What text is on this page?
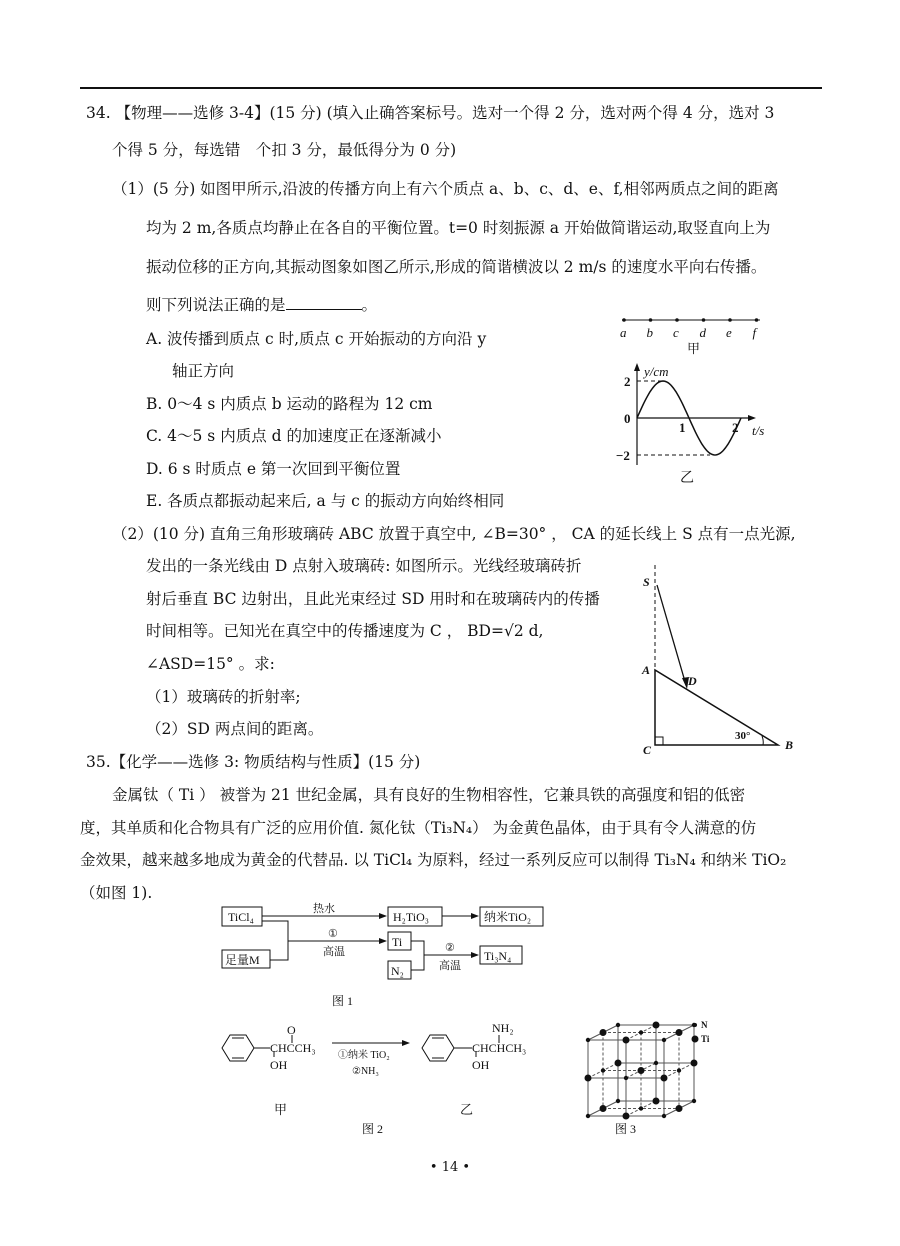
34. 【物理——选修 3-4】(15 分) (填入止确答案标号。选对一个得 2 分，选对两个得 4 分，选对 3
个得 5 分，每选错　个扣 3 分，最低得分为 0 分)
（1）(5 分) 如图甲所示,沿波的传播方向上有六个质点 a、b、c、d、e、f,相邻两质点之间的距离
均为 2 m,各质点均静止在各自的平衡位置。t=0 时刻振源 a 开始做简谐运动,取竖直向上为
振动位移的正方向,其振动图象如图乙所示,形成的简谐横波以 2 m/s 的速度水平向右传播。
则下列说法正确的是	。
A. 波传播到质点 c 时,质点 c 开始振动的方向沿 y
轴正方向
B. 0～4 s 内质点 b 运动的路程为 12 cm
C. 4～5 s 内质点 d 的加速度正在逐渐减小
D. 6 s 时质点 e 第一次回到平衡位置
E. 各质点都振动起来后, a 与 c 的振动方向始终相同
a b c d e f
甲
y/cm
t/s
2
0
−2
1	2
乙
（2）(10 分) 直角三角形玻璃砖 ABC 放置于真空中, ∠B=30° ， CA 的延长线上 S 点有一点光源,
发出的一条光线由 D 点射入玻璃砖: 如图所示。光线经玻璃砖折
射后垂直 BC 边射出，且此光束经过 SD 用时和在玻璃砖内的传播
时间相等。已知光在真空中的传播速度为 C ， BD=√2 d,
∠ASD=15° 。求:
（1）玻璃砖的折射率;
（2）SD 两点间的距离。
S
A
D
C	B
30°
35.【化学——选修 3: 物质结构与性质】(15 分)
金属钛（ Ti ） 被誉为 21 世纪金属，具有良好的生物相容性，它兼具铁的高强度和铝的低密
度，其单质和化合物具有广泛的应用价值. 氮化钛（Ti₃N₄） 为金黄色晶体，由于具有令人满意的仿
金效果，越来越多地成为黄金的代替品. 以 TiCl₄ 为原料，经过一系列反应可以制得 Ti₃N₄ 和纳米 TiO₂
（如图 1).
TiCl₄	H₂TiO₃	纳米TiO₂
足量M
Ti
N₂
Ti₃N₄
热水
①
高温	②
高温
图 1
O
CHCCH₃
OH
甲
①纳米 TiO₂
②NH₃
NH₂
CHCHCH₃
OH
乙
图 2
N
Ti
图 3
• 14 •
